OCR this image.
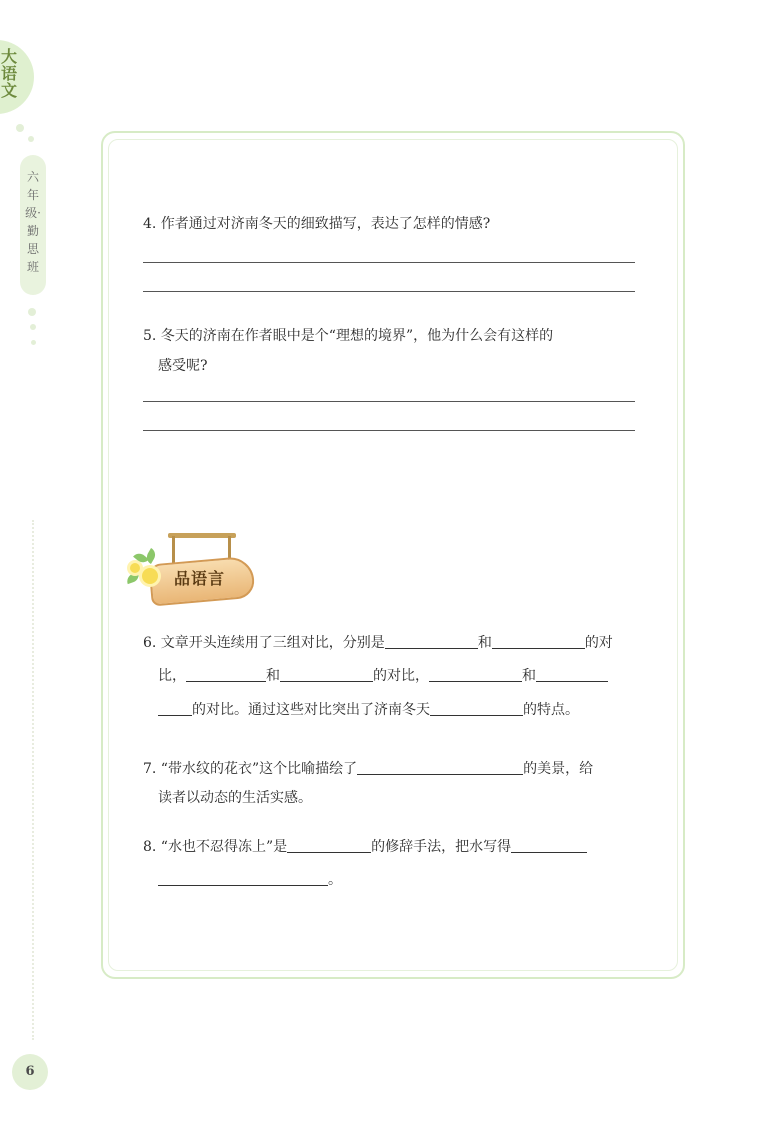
大语文
六年级·勤思班
4. 作者通过对济南冬天的细致描写，表达了怎样的情感?
5. 冬天的济南在作者眼中是个“理想的境界”，他为什么会有这样的
感受呢?
品语言
6. 文章开头连续用了三组对比，分别是	和	的对
比，	和	的对比，	和
的对比。通过这些对比突出了济南冬天	的特点。
7. “带水纹的花衣”这个比喻描绘了	的美景，给
读者以动态的生活实感。
8. “水也不忍得冻上”是	的修辞手法，把水写得
。
6
